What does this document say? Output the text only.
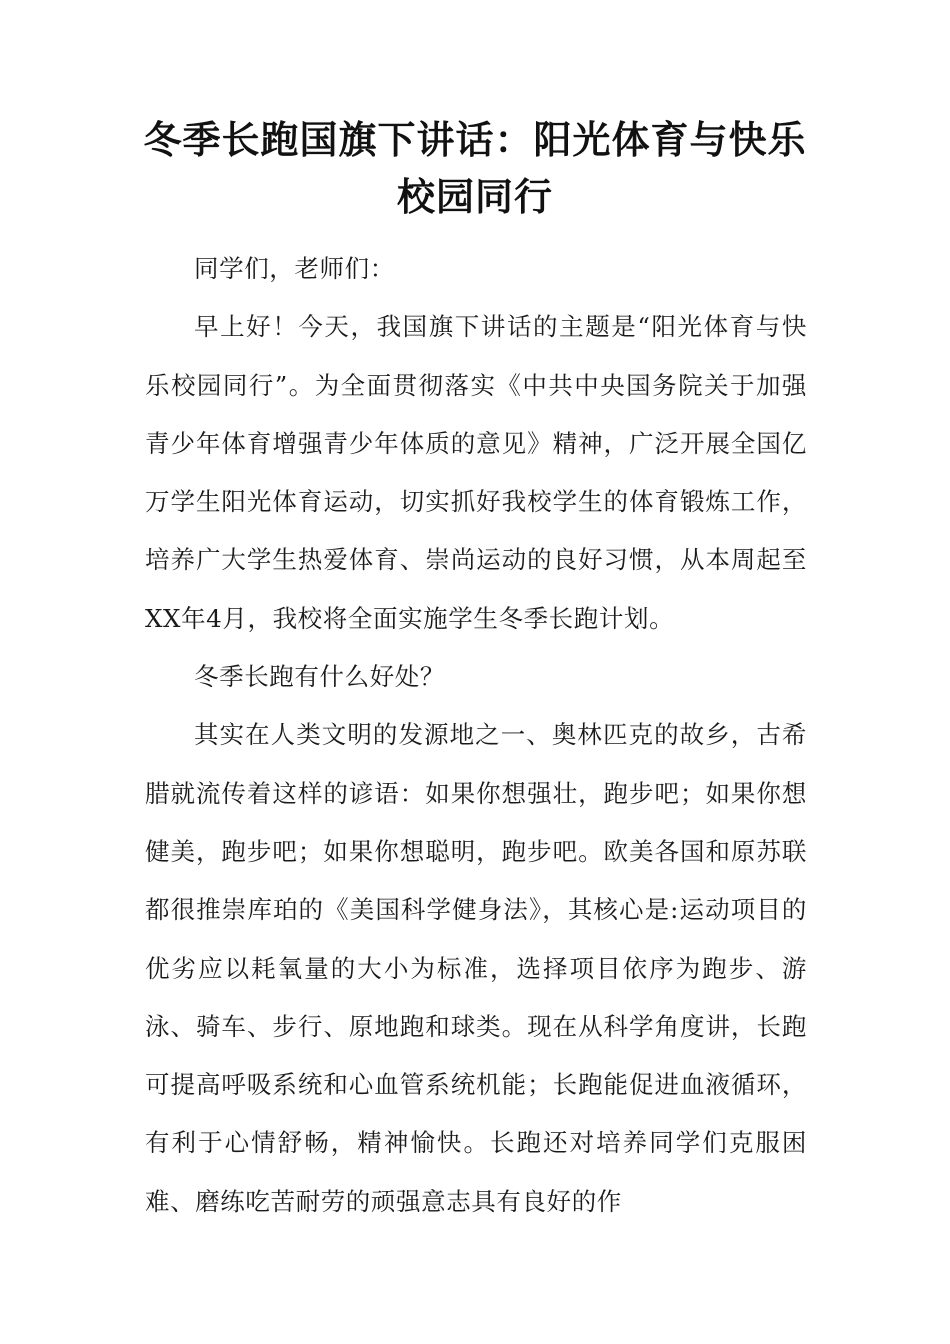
冬季长跑国旗下讲话：阳光体育与快乐校园同行

同学们，老师们：

早上好！今天，我国旗下讲话的主题是“阳光体育与快乐校园同行”。为全面贯彻落实《中共中央国务院关于加强青少年体育增强青少年体质的意见》精神，广泛开展全国亿万学生阳光体育运动，切实抓好我校学生的体育锻炼工作，培养广大学生热爱体育、崇尚运动的良好习惯，从本周起至XX年4月，我校将全面实施学生冬季长跑计划。

冬季长跑有什么好处？

其实在人类文明的发源地之一、奥林匹克的故乡，古希腊就流传着这样的谚语：如果你想强壮，跑步吧；如果你想健美，跑步吧；如果你想聪明，跑步吧。欧美各国和原苏联都很推崇库珀的《美国科学健身法》，其核心是:运动项目的优劣应以耗氧量的大小为标准，选择项目依序为跑步、游泳、骑车、步行、原地跑和球类。现在从科学角度讲，长跑可提高呼吸系统和心血管系统机能；长跑能促进血液循环，有利于心情舒畅，精神愉快。长跑还对培养同学们克服困难、磨练吃苦耐劳的顽强意志具有良好的作
